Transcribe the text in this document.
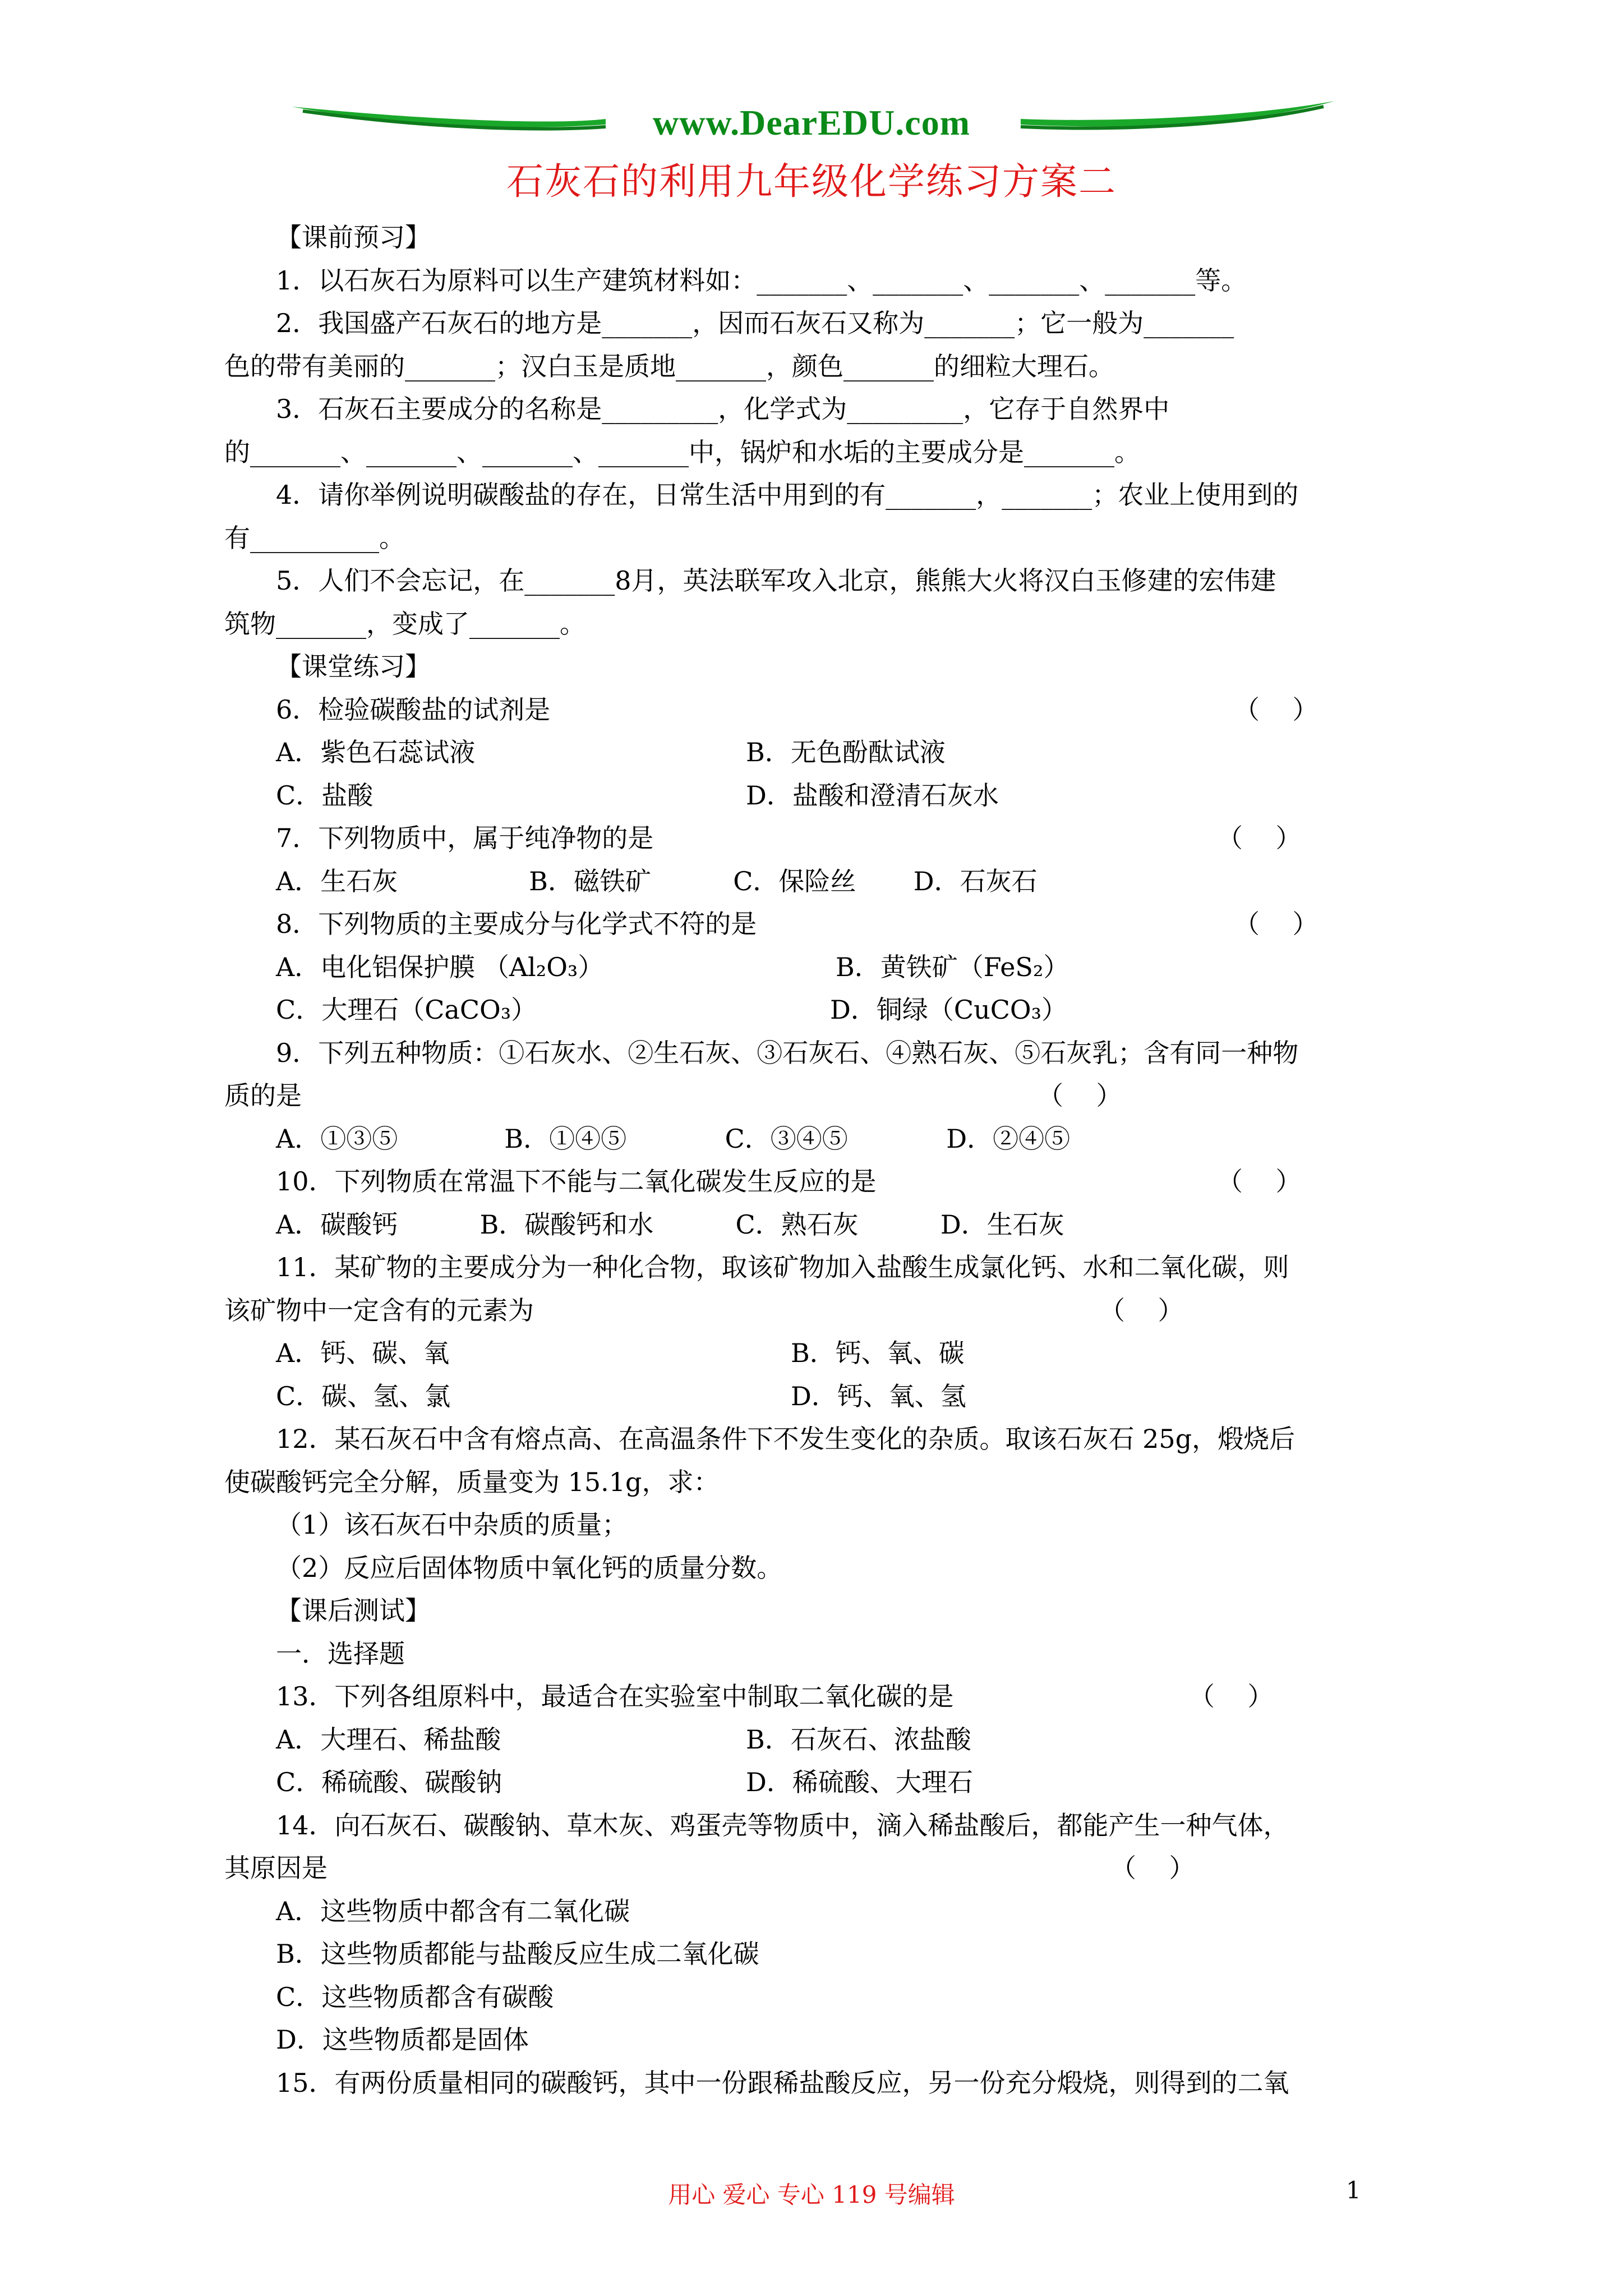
www.DearEDU.com
石灰石的利用九年级化学练习方案二
【课前预习】
1．以石灰石为原料可以生产建筑材料如：_______、_______、_______、_______等。
2．我国盛产石灰石的地方是_______，因而石灰石又称为_______；它一般为_______
色的带有美丽的_______；汉白玉是质地_______，颜色_______的细粒大理石。
3．石灰石主要成分的名称是_________，化学式为_________，它存于自然界中
的_______、_______、_______、_______中，锅炉和水垢的主要成分是_______。
4．请你举例说明碳酸盐的存在，日常生活中用到的有_______，_______；农业上使用到的
有__________。
5．人们不会忘记，在_______8月，英法联军攻入北京，熊熊大火将汉白玉修建的宏伟建
筑物_______，变成了_______。
【课堂练习】
6．检验碳酸盐的试剂是	（    ）
A．紫色石蕊试液	B．无色酚酞试液
C．盐酸	D．盐酸和澄清石灰水
7．下列物质中，属于纯净物的是	（    ）
A．生石灰                B．磁铁矿          C．保险丝       D．石灰石
8．下列物质的主要成分与化学式不符的是	（    ）
A．电化铝保护膜 （Al₂O₃）	B．黄铁矿（FeS₂）
C．大理石（CaCO₃）	D．铜绿（CuCO₃）
9．下列五种物质：①石灰水、②生石灰、③石灰石、④熟石灰、⑤石灰乳；含有同一种物
质的是	（    ）
A．①③⑤             B．①④⑤            C．③④⑤            D．②④⑤
10．下列物质在常温下不能与二氧化碳发生反应的是	（    ）
A．碳酸钙          B．碳酸钙和水          C．熟石灰          D．生石灰
11．某矿物的主要成分为一种化合物，取该矿物加入盐酸生成氯化钙、水和二氧化碳，则
该矿物中一定含有的元素为	（    ）
A．钙、碳、氧	B．钙、氧、碳
C．碳、氢、氯	D．钙、氧、氢
12．某石灰石中含有熔点高、在高温条件下不发生变化的杂质。取该石灰石 25g，煅烧后
使碳酸钙完全分解，质量变为 15.1g，求：
（1）该石灰石中杂质的质量；
（2）反应后固体物质中氧化钙的质量分数。
【课后测试】
一．选择题
13．下列各组原料中，最适合在实验室中制取二氧化碳的是	（    ）
A．大理石、稀盐酸	B．石灰石、浓盐酸
C．稀硫酸、碳酸钠	D．稀硫酸、大理石
14．向石灰石、碳酸钠、草木灰、鸡蛋壳等物质中，滴入稀盐酸后，都能产生一种气体，
其原因是	（    ）
A．这些物质中都含有二氧化碳
B．这些物质都能与盐酸反应生成二氧化碳
C．这些物质都含有碳酸
D．这些物质都是固体
15．有两份质量相同的碳酸钙，其中一份跟稀盐酸反应，另一份充分煅烧，则得到的二氧
用心 爱心 专心 119 号编辑	1
